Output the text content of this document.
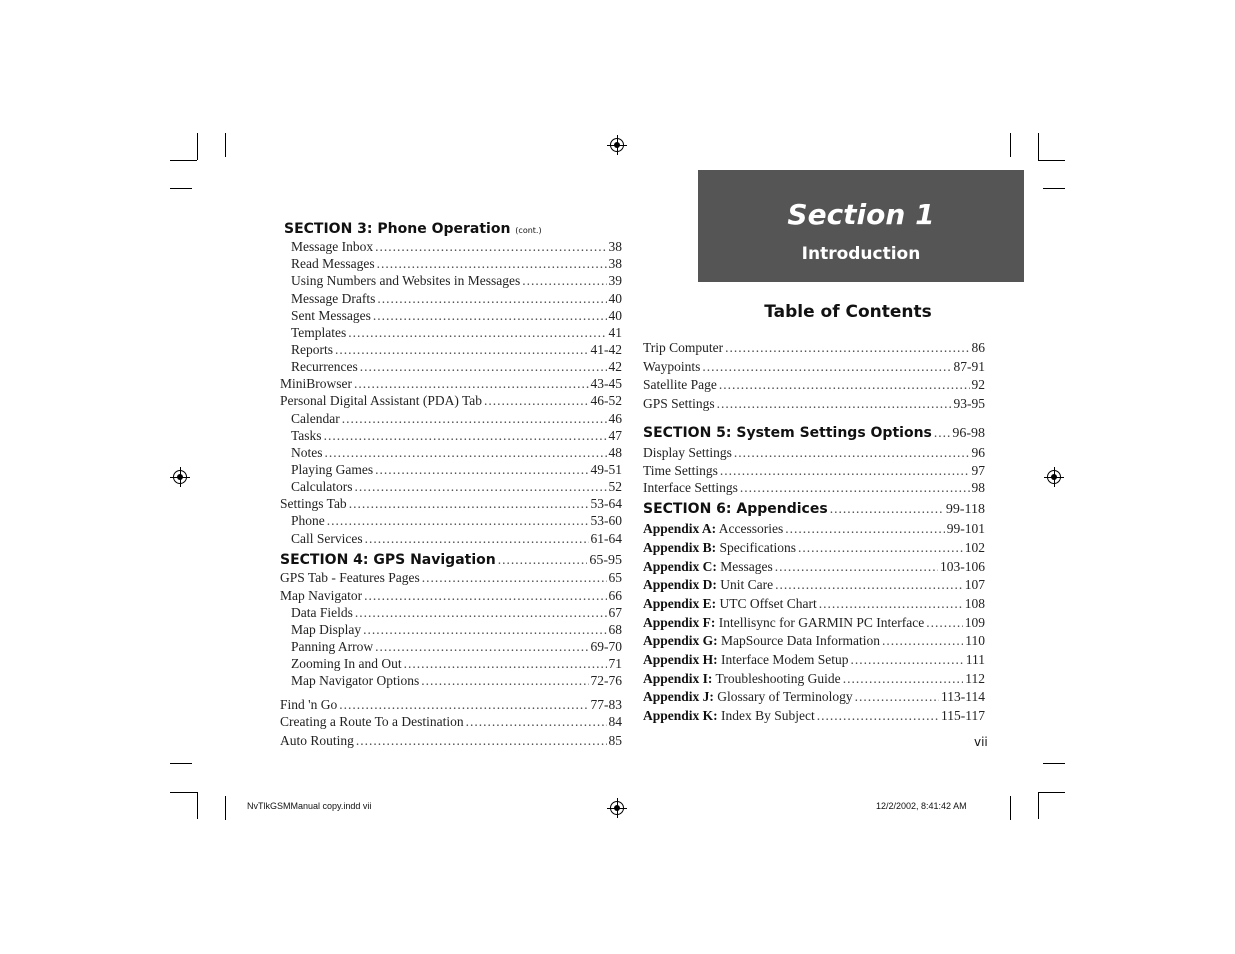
SECTION 3: Phone Operation (cont.)
Message Inbox .....	38
Read Messages .....	38
Using Numbers and Websites in Messages .....	39
Message Drafts .....	40
Sent Messages .....	40
Templates .....	41
Reports .....	41-42
Recurrences .....	42
MiniBrowser .....	43-45
Personal Digital Assistant (PDA) Tab .....	46-52
Calendar .....	46
Tasks .....	47
Notes .....	48
Playing Games .....	49-51
Calculators .....	52
Settings Tab .....	53-64
Phone .....	53-60
Call Services .....	61-64
SECTION 4: GPS Navigation .....	65-95
GPS Tab - Features Pages .....	65
Map Navigator .....	66
Data Fields .....	67
Map Display .....	68
Panning Arrow .....	69-70
Zooming In and Out .....	71
Map Navigator Options .....	72-76
Find 'n Go .....	77-83
Creating a Route To a Destination .....	84
Auto Routing .....	85
Section 1
Introduction
Table of Contents
Trip Computer .....	86
Waypoints .....	87-91
Satellite Page .....	92
GPS Settings .....	93-95
SECTION 5: System Settings Options ..... 96-98
Display Settings .....	96
Time Settings .....	97
Interface Settings .....	98
SECTION 6: Appendices .....	99-118
Appendix A: Accessories .....	99-101
Appendix B: Specifications .....	102
Appendix C: Messages .....	103-106
Appendix D: Unit Care .....	107
Appendix E: UTC Offset Chart .....	108
Appendix F: Intellisync for GARMIN PC Interface .....	109
Appendix G: MapSource Data Information .....	110
Appendix H: Interface Modem Setup .....	111
Appendix I: Troubleshooting Guide .....	112
Appendix J: Glossary of Terminology .....	113-114
Appendix K: Index By Subject .....	115-117
vii
NvTlkGSMManual copy.indd vii	12/2/2002, 8:41:42 AM
